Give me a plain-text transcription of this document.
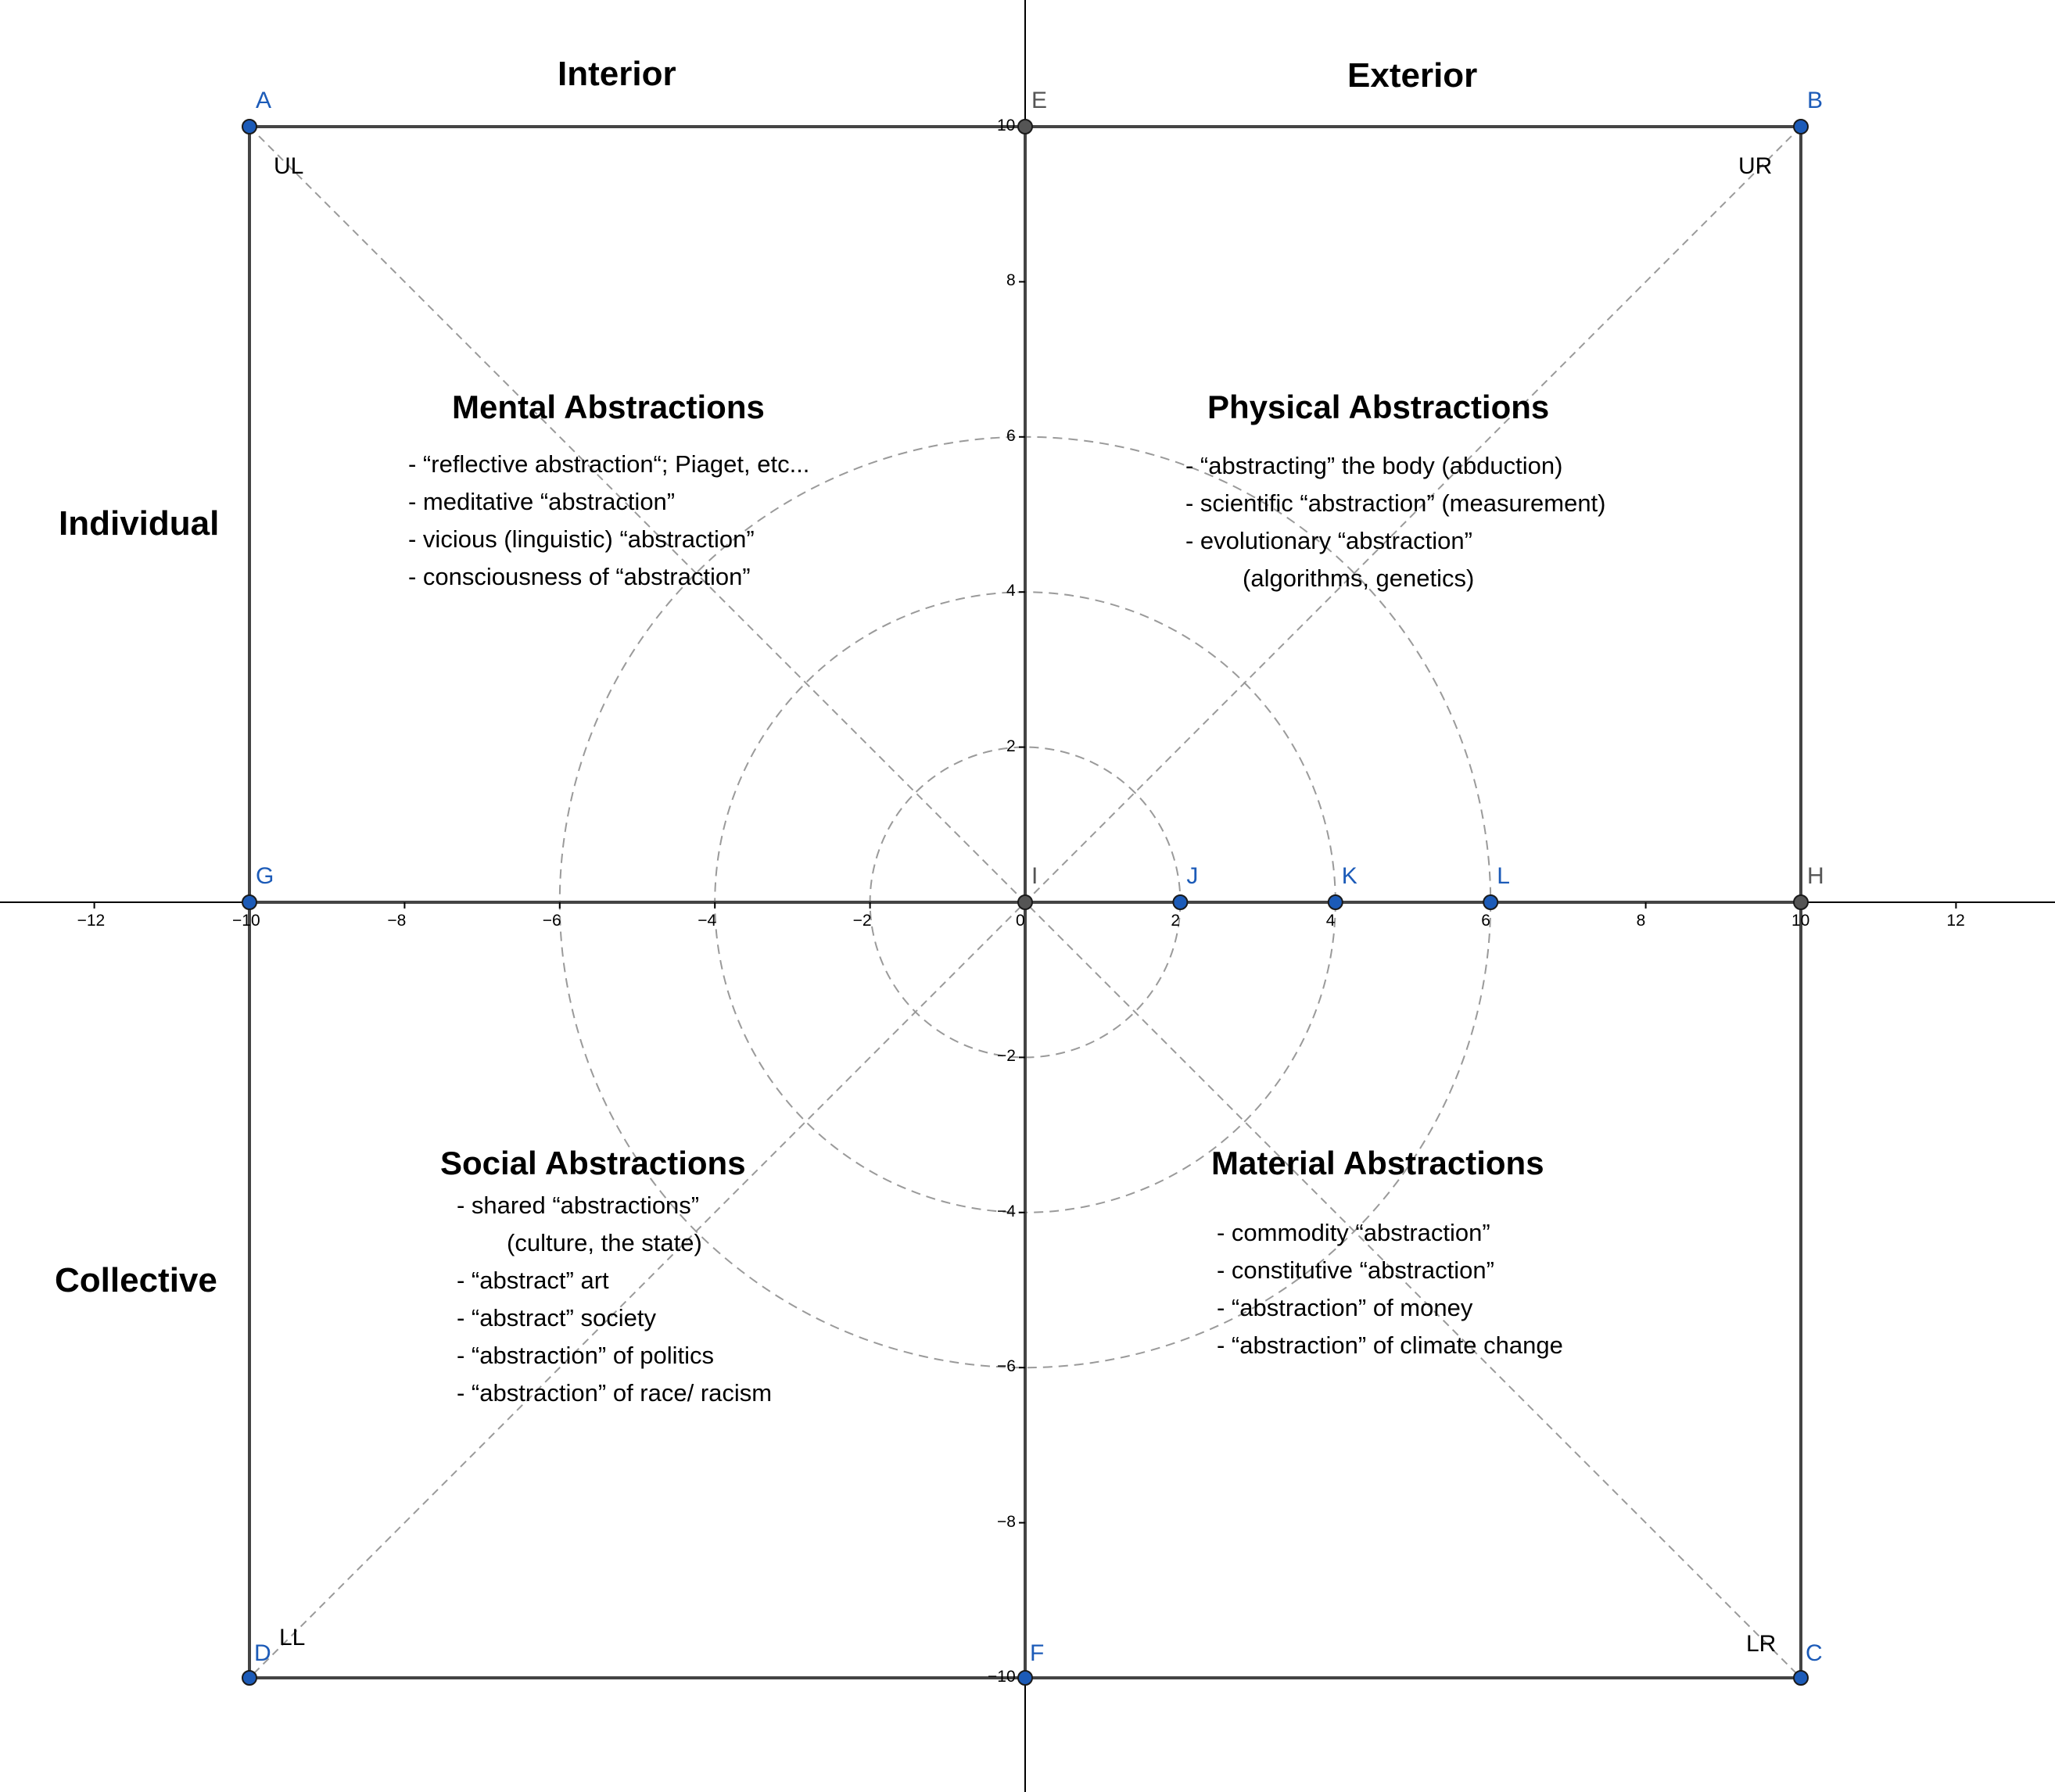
Interior	Exterior
Individual
Collective
UL	UR
LL	LR
Mental Abstractions
- “reflective abstraction“; Piaget, etc...
- meditative “abstraction”
- vicious (linguistic) “abstraction”
- consciousness of “abstraction”
Physical Abstractions
- “abstracting” the body (abduction)
- scientific “abstraction” (measurement)
- evolutionary “abstraction”
(algorithms, genetics)
Social Abstractions
- shared “abstractions”
(culture, the state)
- “abstract” art
- “abstract” society
- “abstraction” of politics
- “abstraction” of race/ racism
Material Abstractions
- commodity “abstraction”
- constitutive “abstraction”
- “abstraction” of money
- “abstraction” of climate change
−12	−10	−8	−6	−4	−2	0	2	4	6	8	10	12
−10
−8
−6
−4
−2
2
4
6
8
10
A	B
C
D
E
F
G	H
I	J	K	L
